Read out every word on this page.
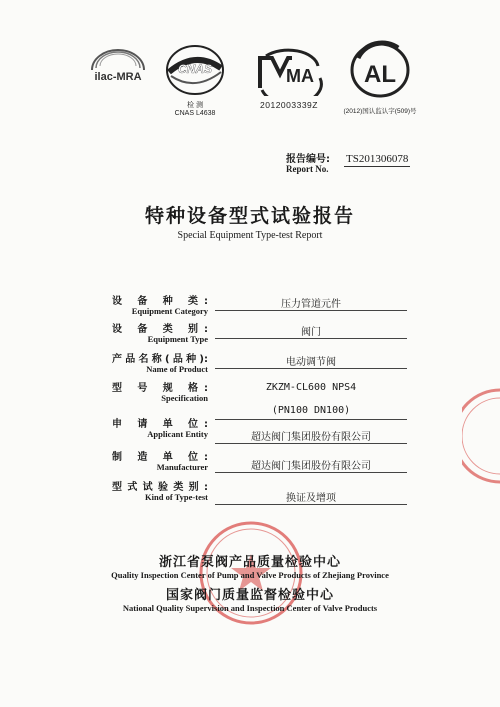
ilac-MRA
CNAS
检 测
CNAS L4638
MA
2012003339Z
AL
(2012)国认监认字(509)号
报告编号:
Report No.
TS201306078
特种设备型式试验报告
Special Equipment Type-test Report
设 备 种 类:
Equipment Category
压力管道元件
设 备 类 别:
Equipment Type
阀门
产品名称(品种):
Name of Product
电动调节阀
型 号 规 格:
Specification
ZKZM-CL600 NPS4
(PN100 DN100)
申 请 单 位:
Applicant Entity	超达阀门集团股份有限公司
制 造 单 位:
Manufacturer	超达阀门集团股份有限公司
型式试验类别:
Kind of Type-test	换证及增项
浙江省泵阀产品质量检验中心
Quality Inspection Center of Pump and Valve Products of Zhejiang Province
国家阀门质量监督检验中心
National Quality Supervision and Inspection Center of Valve Products
